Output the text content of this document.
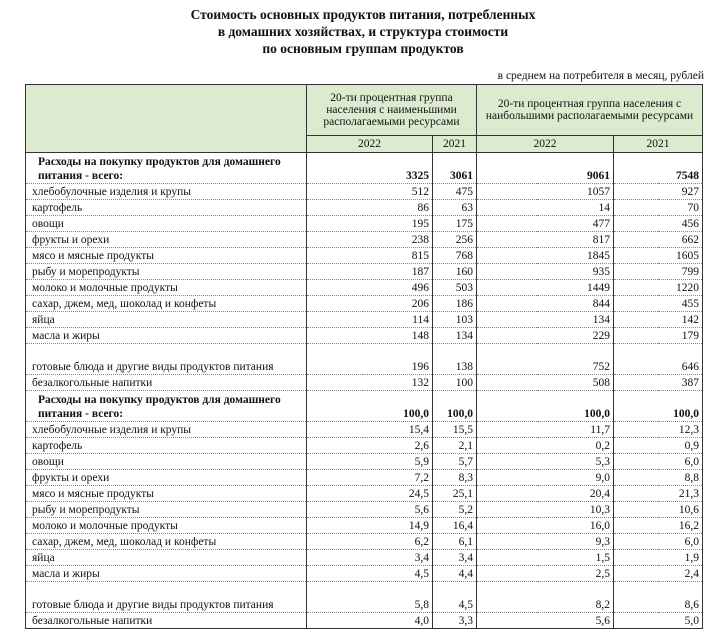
Стоимость основных продуктов питания, потребленных
в домашних хозяйствах, и структура стоимости
по основным группам продуктов
в среднем на потребителя в месяц, рублей
	20-ти процентная группа населения с наименьшими располагаемыми ресурсами		20-ти процентная группа населения с наибольшими располагаемыми ресурсами	
	2022	2021	2022	2021
Расходы на покупку продуктов для домашнего питания - всего:	3325	3061	9061	7548
хлебобулочные изделия и крупы	512	475	1057	927
картофель	86	63	14	70
овощи	195	175	477	456
фрукты и орехи	238	256	817	662
мясо и мясные продукты	815	768	1845	1605
рыбу и морепродукты	187	160	935	799
молоко и молочные продукты	496	503	1449	1220
сахар, джем, мед, шоколад и конфеты	206	186	844	455
яйца	114	103	134	142
масла и жиры	148	134	229	179
готовые блюда и другие виды продуктов питания	196	138	752	646
безалкогольные напитки	132	100	508	387
Расходы на покупку продуктов для домашнего питания - всего:	100,0	100,0	100,0	100,0
хлебобулочные изделия и крупы	15,4	15,5	11,7	12,3
картофель	2,6	2,1	0,2	0,9
овощи	5,9	5,7	5,3	6,0
фрукты и орехи	7,2	8,3	9,0	8,8
мясо и мясные продукты	24,5	25,1	20,4	21,3
рыбу и морепродукты	5,6	5,2	10,3	10,6
молоко и молочные продукты	14,9	16,4	16,0	16,2
сахар, джем, мед, шоколад и конфеты	6,2	6,1	9,3	6,0
яйца	3,4	3,4	1,5	1,9
масла и жиры	4,5	4,4	2,5	2,4
готовые блюда и другие виды продуктов питания	5,8	4,5	8,2	8,6
безалкогольные напитки	4,0	3,3	5,6	5,0
